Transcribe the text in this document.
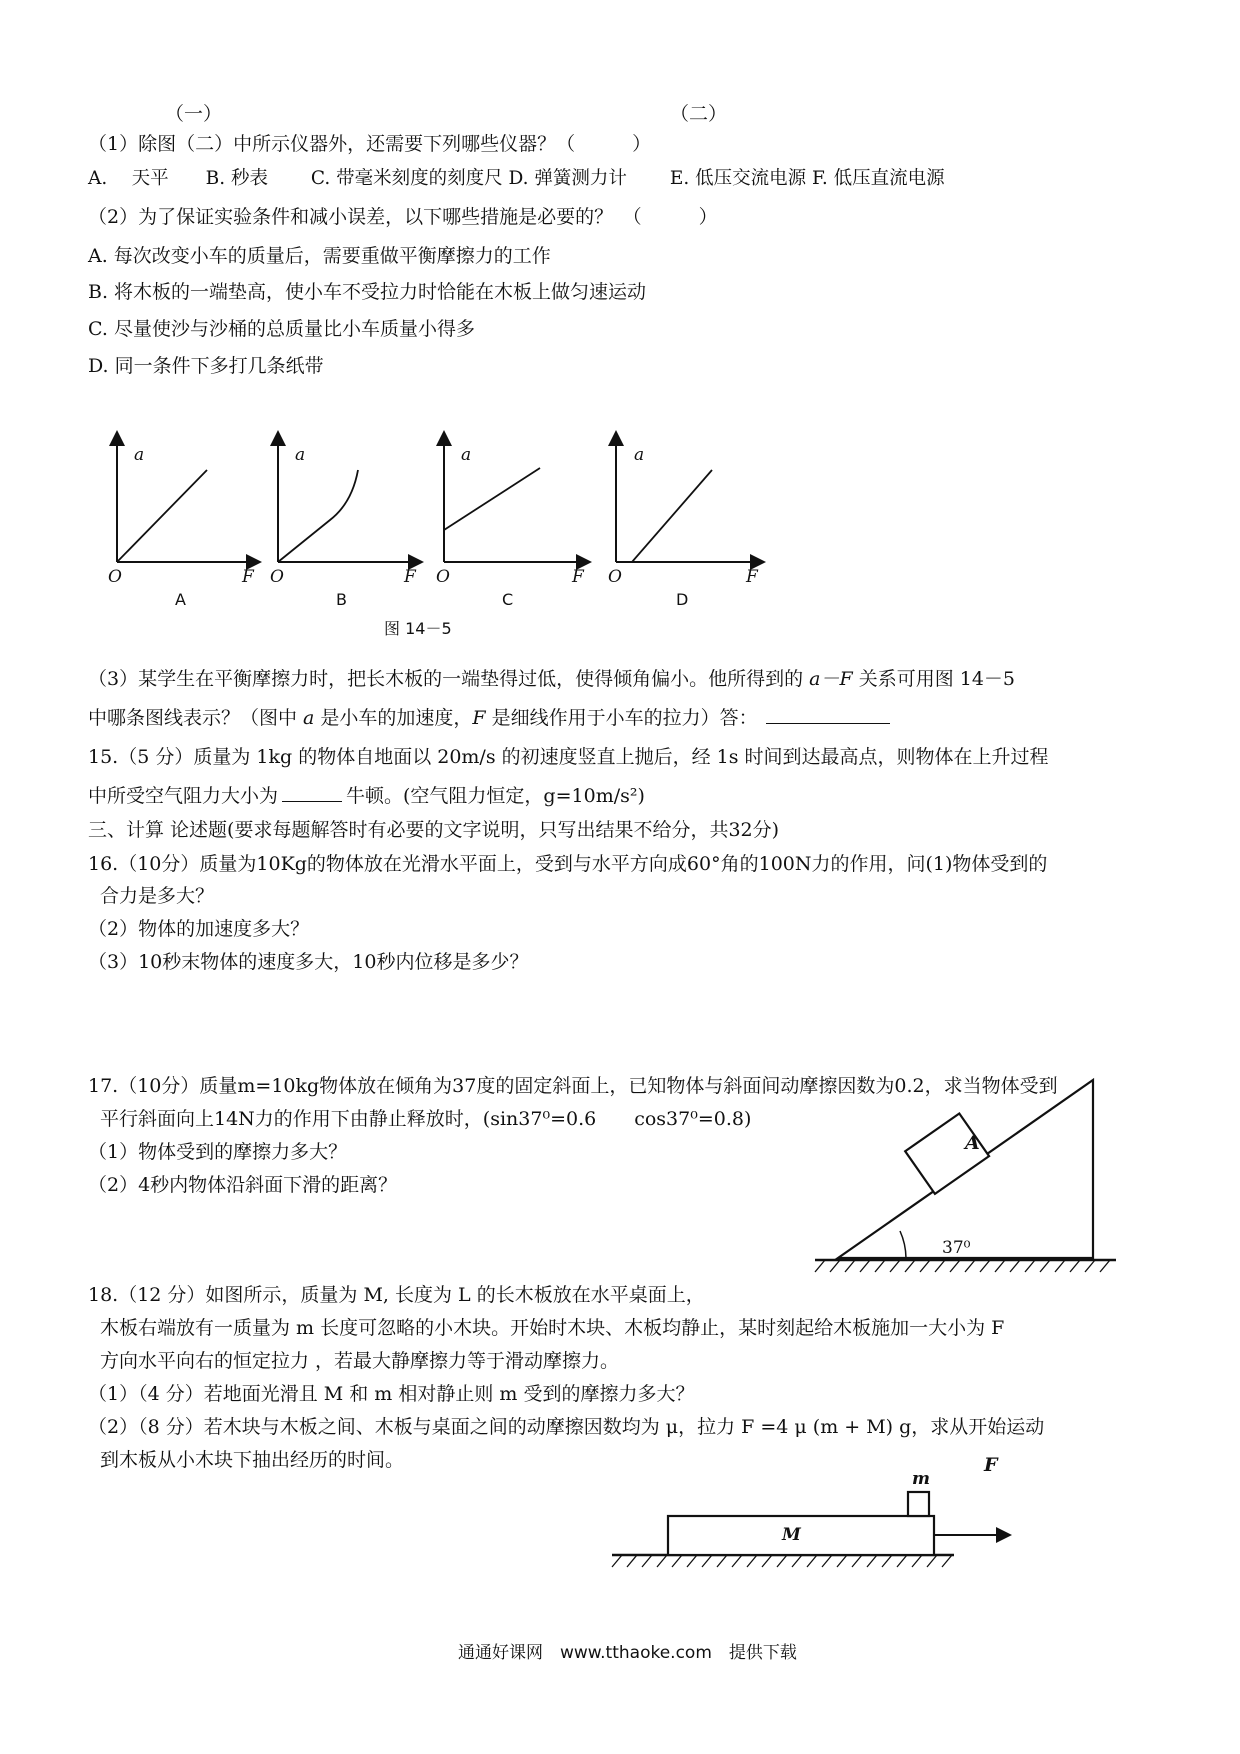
（一）	（二）
（1）除图（二）中所示仪器外，还需要下列哪些仪器？（　　　）
A.　 天平　　B. 秒表　　 C. 带毫米刻度的刻度尺 D. 弹簧测力计　　 E. 低压交流电源 F. 低压直流电源
（2）为了保证实验条件和减小误差，以下哪些措施是必要的？　（　　　）
A. 每次改变小车的质量后，需要重做平衡摩擦力的工作
B. 将木板的一端垫高，使小车不受拉力时恰能在木板上做匀速运动
C. 尽量使沙与沙桶的总质量比小车质量小得多
D. 同一条件下多打几条纸带
a	a	a	a
O	O	O	O
F	F	F	F
A	B	C	D
图 14－5
（3）某学生在平衡摩擦力时，把长木板的一端垫得过低，使得倾角偏小。他所得到的 a－F 关系可用图 14－5
中哪条图线表示？（图中 a 是小车的加速度，F 是细线作用于小车的拉力）答：
15.（5 分）质量为 1kg 的物体自地面以 20m/s 的初速度竖直上抛后，经 1s 时间到达最高点，则物体在上升过程
中所受空气阻力大小为	牛顿。(空气阻力恒定，g=10m/s²)
三、计算 论述题(要求每题解答时有必要的文字说明，只写出结果不给分，共32分)
16.（10分）质量为10Kg的物体放在光滑水平面上，受到与水平方向成60°角的100N力的作用，问(1)物体受到的
合力是多大？
（2）物体的加速度多大？
（3）10秒末物体的速度多大，10秒内位移是多少？
17.（10分）质量m=10kg物体放在倾角为37度的固定斜面上，已知物体与斜面间动摩擦因数为0.2，求当物体受到
平行斜面向上14N力的作用下由静止释放时，(sin37⁰=0.6　　cos37⁰=0.8)
（1）物体受到的摩擦力多大？
（2）4秒内物体沿斜面下滑的距离？
A
37⁰
18.（12 分）如图所示，质量为 M, 长度为 L 的长木板放在水平桌面上，
木板右端放有一质量为 m 长度可忽略的小木块。开始时木块、木板均静止，某时刻起给木板施加一大小为 F
方向水平向右的恒定拉力 ，若最大静摩擦力等于滑动摩擦力。
（1）（4 分）若地面光滑且 M 和 m 相对静止则 m 受到的摩擦力多大？
（2）（8 分）若木块与木板之间、木板与桌面之间的动摩擦因数均为 μ，拉力 F =4 μ (m + M) g，求从开始运动
到木板从小木块下抽出经历的时间。
m
M
F
通通好课网　www.tthaoke.com　提供下载
